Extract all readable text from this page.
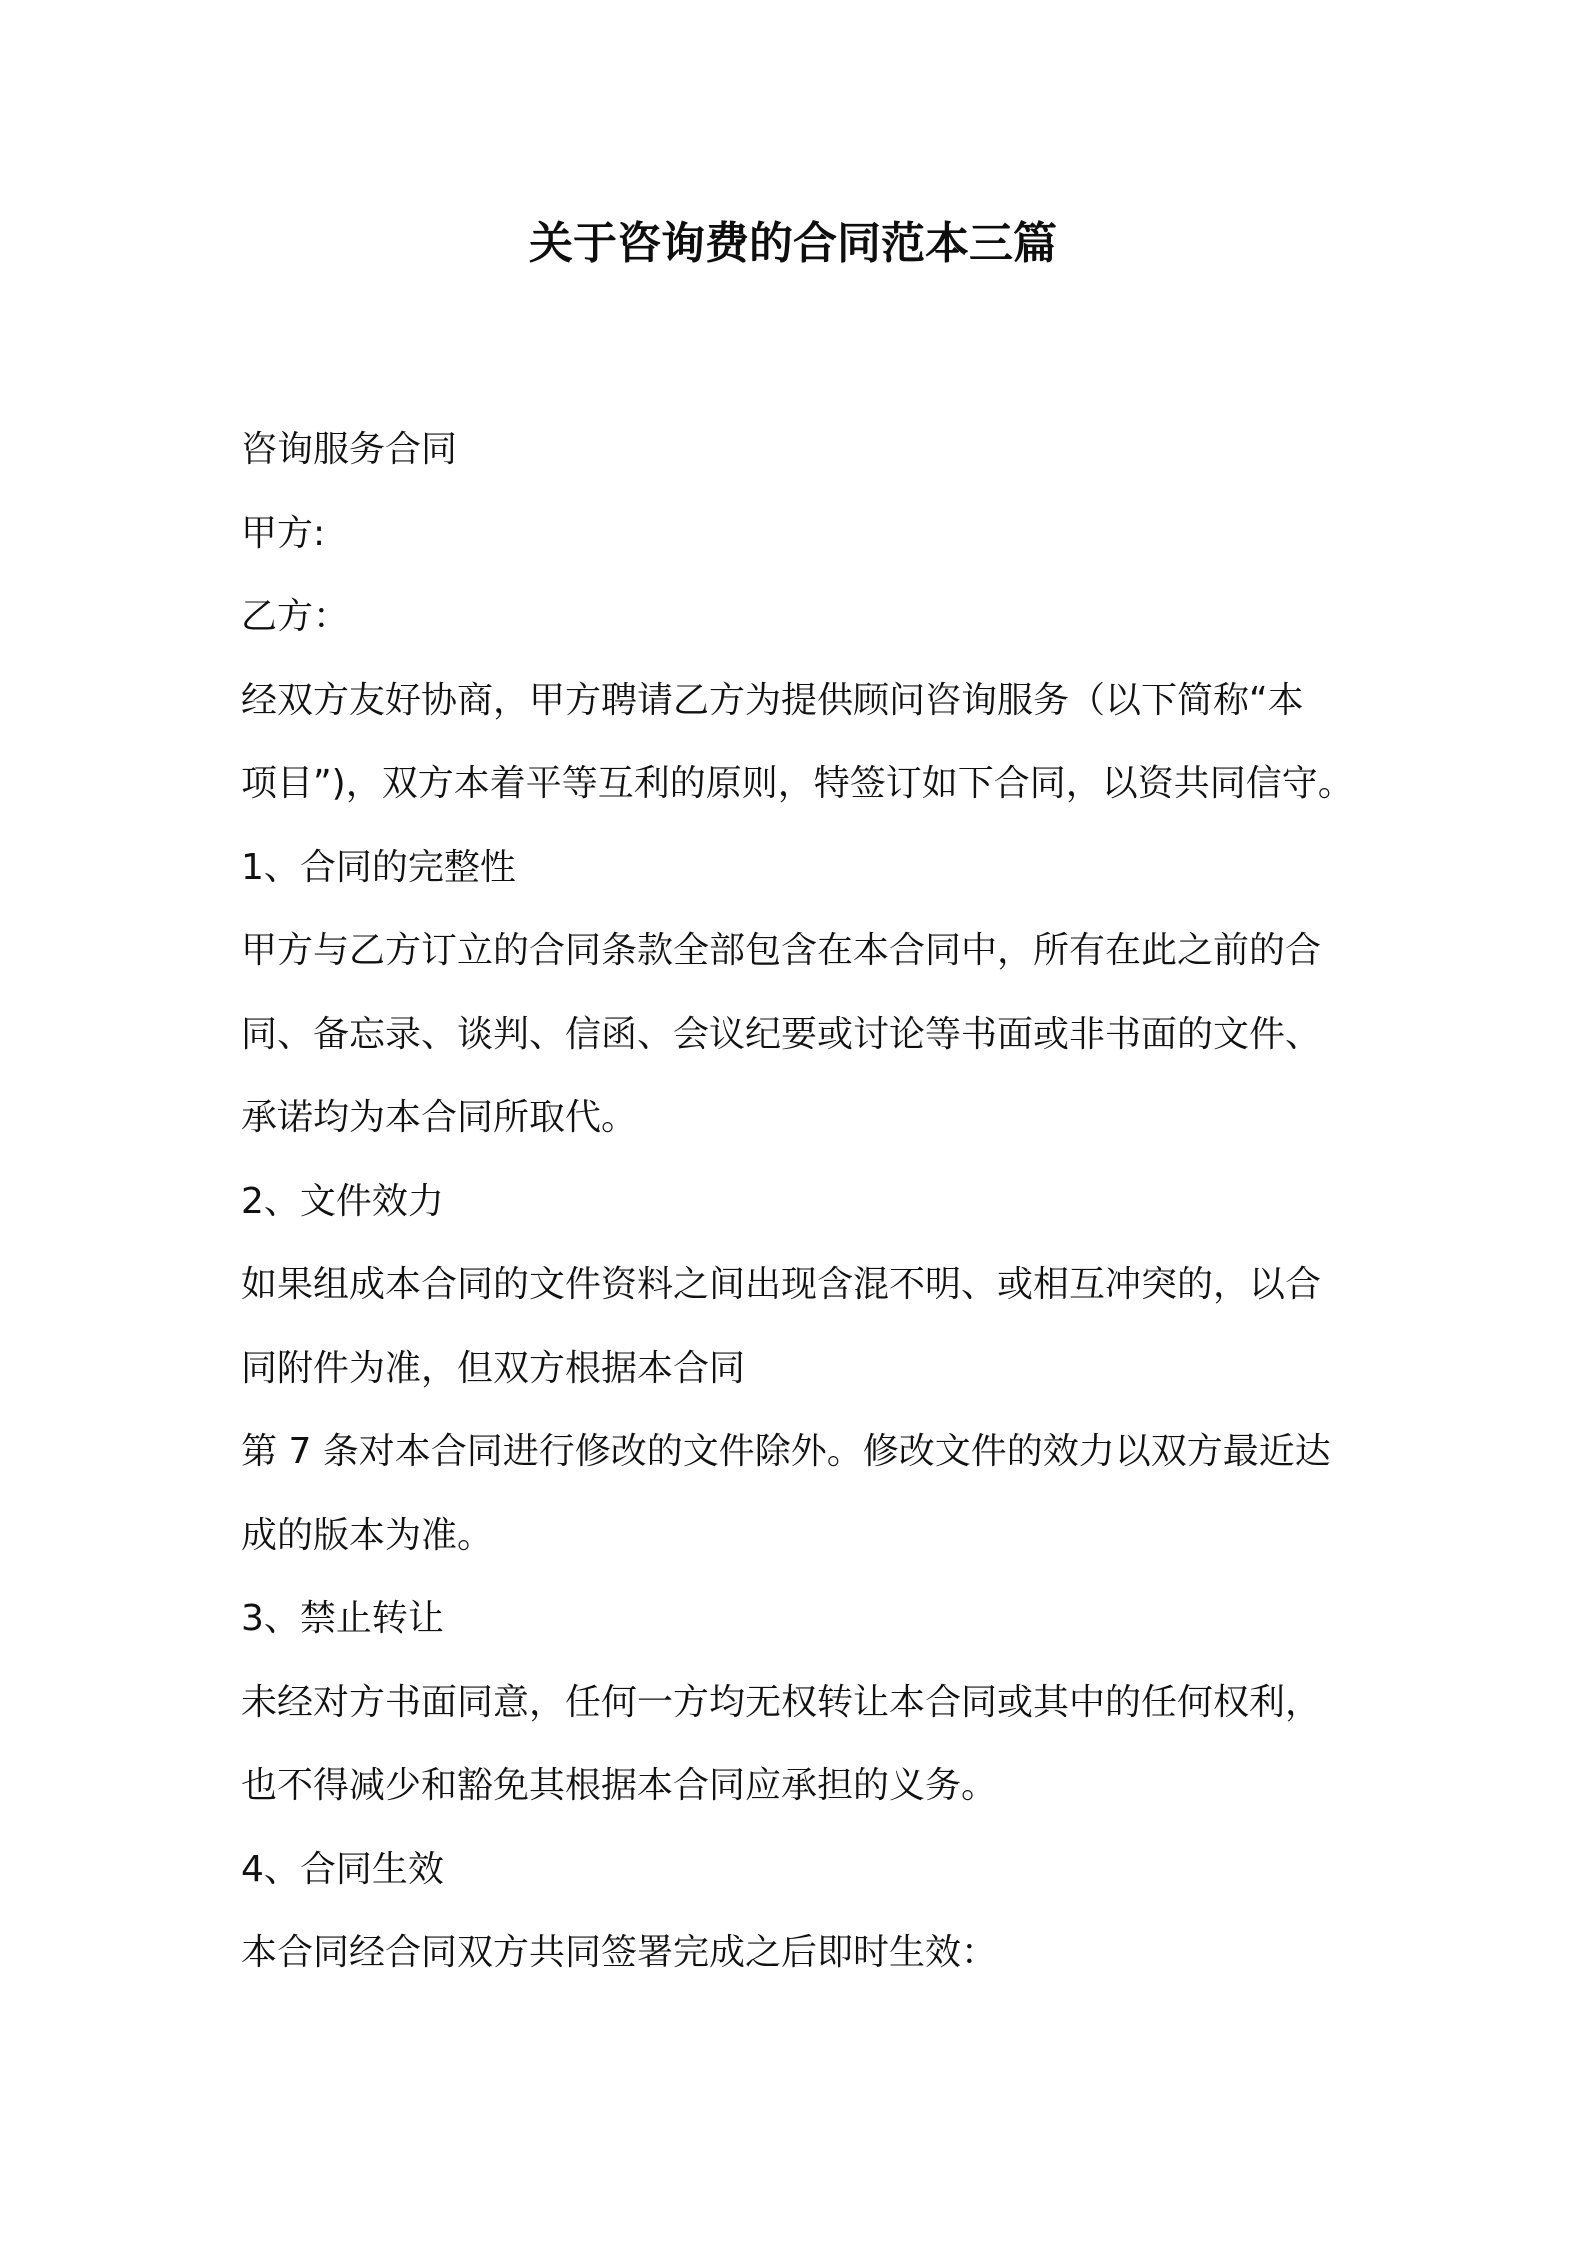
关于咨询费的合同范本三篇

咨询服务合同

甲方:

乙方：

经双方友好协商，甲方聘请乙方为提供顾问咨询服务（以下简称“本

项目”)，双方本着平等互利的原则，特签订如下合同，以资共同信守。

1、合同的完整性

甲方与乙方订立的合同条款全部包含在本合同中，所有在此之前的合

同、备忘录、谈判、信函、会议纪要或讨论等书面或非书面的文件、

承诺均为本合同所取代。

2、文件效力

如果组成本合同的文件资料之间出现含混不明、或相互冲突的，以合

同附件为准，但双方根据本合同

第 7 条对本合同进行修改的文件除外。修改文件的效力以双方最近达

成的版本为准。

3、禁止转让

未经对方书面同意，任何一方均无权转让本合同或其中的任何权利，

也不得减少和豁免其根据本合同应承担的义务。

4、合同生效

本合同经合同双方共同签署完成之后即时生效：
